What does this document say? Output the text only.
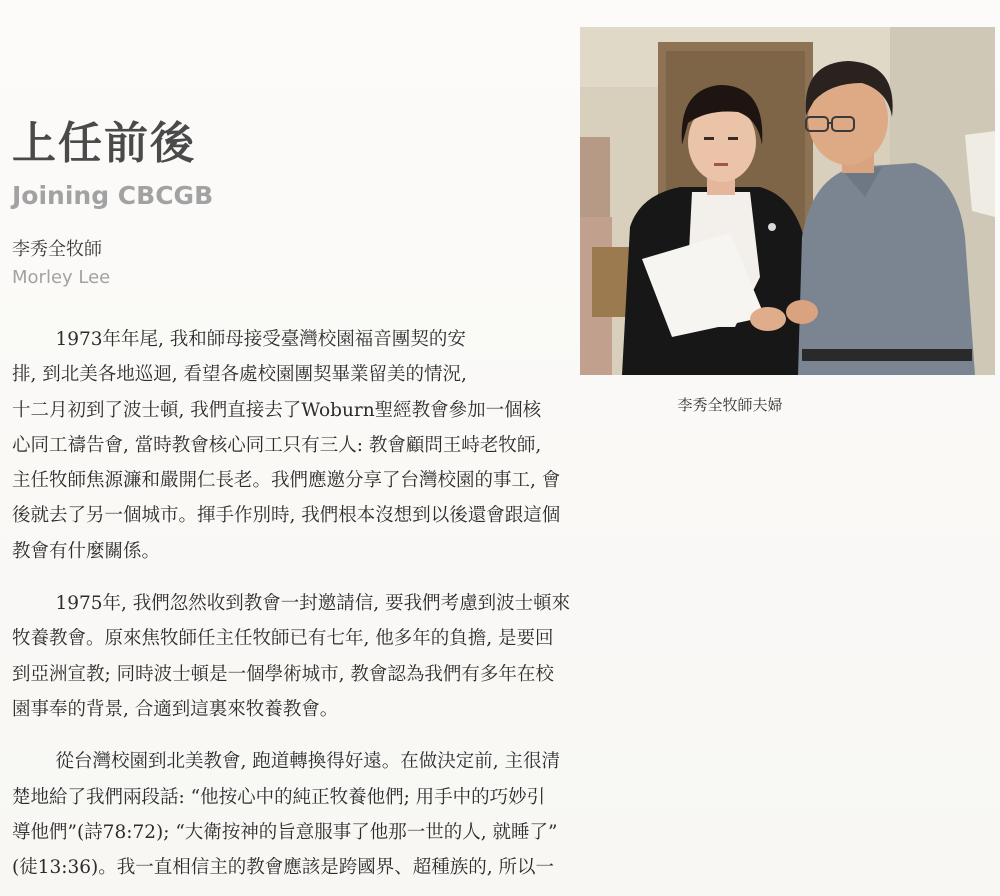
上任前後
Joining CBCGB
李秀全牧師
Morley Lee
李秀全牧師夫婦

1973年年尾, 我和師母接受臺灣校園福音團契的安
排, 到北美各地巡迴, 看望各處校園團契畢業留美的情況,
十二月初到了波士頓, 我們直接去了Woburn聖經教會參加一個核
心同工禱告會, 當時教會核心同工只有三人: 教會顧問王峙老牧師,
主任牧師焦源濂和嚴開仁長老。我們應邀分享了台灣校園的事工, 會
後就去了另一個城市。揮手作別時, 我們根本沒想到以後還會跟這個
教會有什麼關係。

1975年, 我們忽然收到教會一封邀請信, 要我們考慮到波士頓來
牧養教會。原來焦牧師任主任牧師已有七年, 他多年的負擔, 是要回
到亞洲宣教; 同時波士頓是一個學術城市, 教會認為我們有多年在校
園事奉的背景, 合適到這裏來牧養教會。

從台灣校園到北美教會, 跑道轉換得好遠。在做決定前, 主很清
楚地給了我們兩段話: “他按心中的純正牧養他們; 用手中的巧妙引
導他們”(詩78:72); “大衛按神的旨意服事了他那一世的人, 就睡了”
(徒13:36)。我一直相信主的教會應該是跨國界、超種族的, 所以一
